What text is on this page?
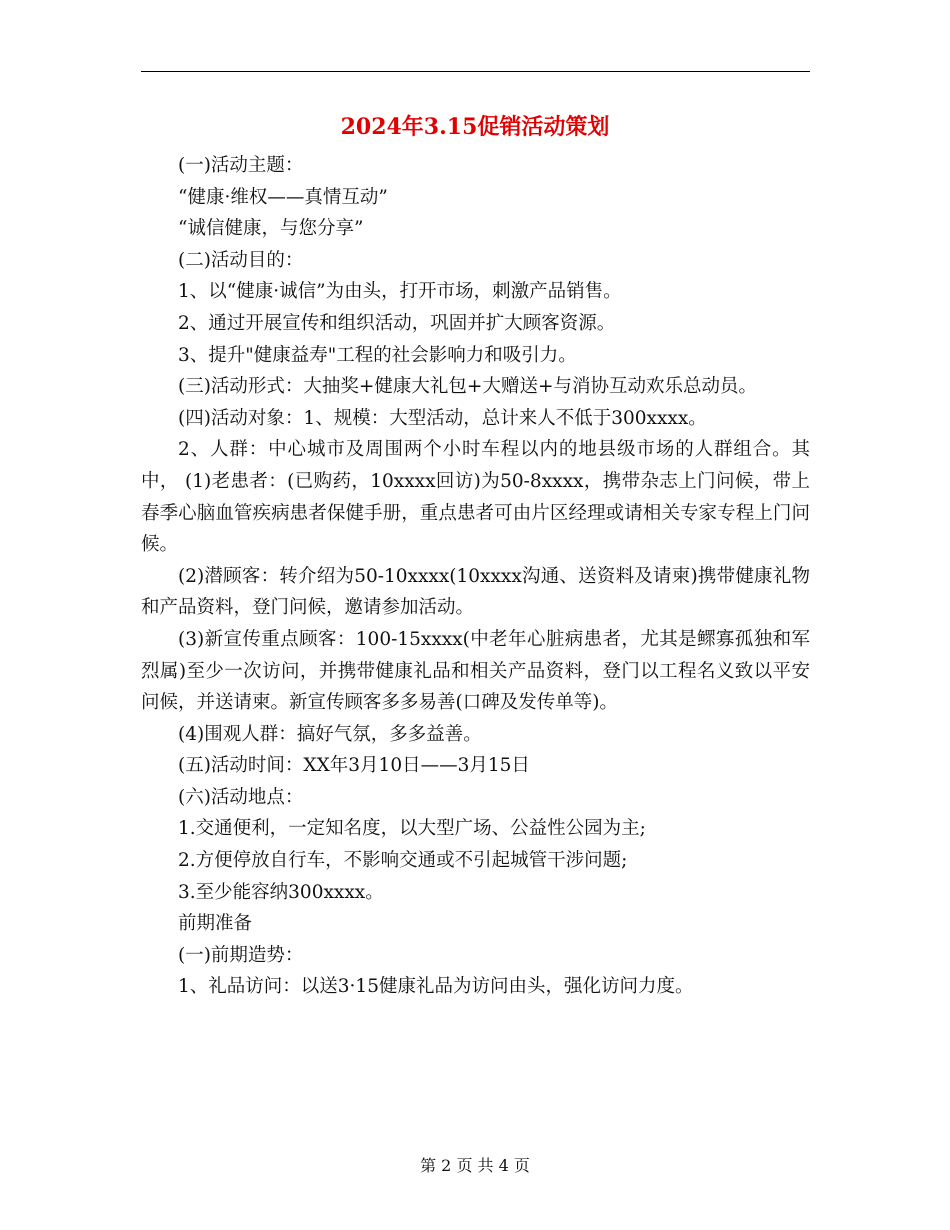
2024年3.15促销活动策划

(一)活动主题：

“健康·维权——真情互动”

“诚信健康，与您分享”

(二)活动目的：

1、以“健康·诚信”为由头，打开市场，刺激产品销售。

2、通过开展宣传和组织活动，巩固并扩大顾客资源。

3、提升"健康益寿"工程的社会影响力和吸引力。

(三)活动形式：大抽奖+健康大礼包+大赠送+与消协互动欢乐总动员。

(四)活动对象：1、规模：大型活动，总计来人不低于300xxxx。

2、人群：中心城市及周围两个小时车程以内的地县级市场的人群组合。其中， (1)老患者：(已购药，10xxxx回访)为50-8xxxx，携带杂志上门问候，带上春季心脑血管疾病患者保健手册，重点患者可由片区经理或请相关专家专程上门问候。

(2)潜顾客：转介绍为50-10xxxx(10xxxx沟通、送资料及请柬)携带健康礼物和产品资料，登门问候，邀请参加活动。

(3)新宣传重点顾客：100-15xxxx(中老年心脏病患者，尤其是鳏寡孤独和军烈属)至少一次访问，并携带健康礼品和相关产品资料，登门以工程名义致以平安问候，并送请柬。新宣传顾客多多易善(口碑及发传单等)。

(4)围观人群：搞好气氛，多多益善。

(五)活动时间：XX年3月10日——3月15日

(六)活动地点：

1.交通便利，一定知名度，以大型广场、公益性公园为主;

2.方便停放自行车，不影响交通或不引起城管干涉问题;

3.至少能容纳300xxxx。

前期准备

(一)前期造势：

1、礼品访问：以送3·15健康礼品为访问由头，强化访问力度。

第 2 页 共 4 页
